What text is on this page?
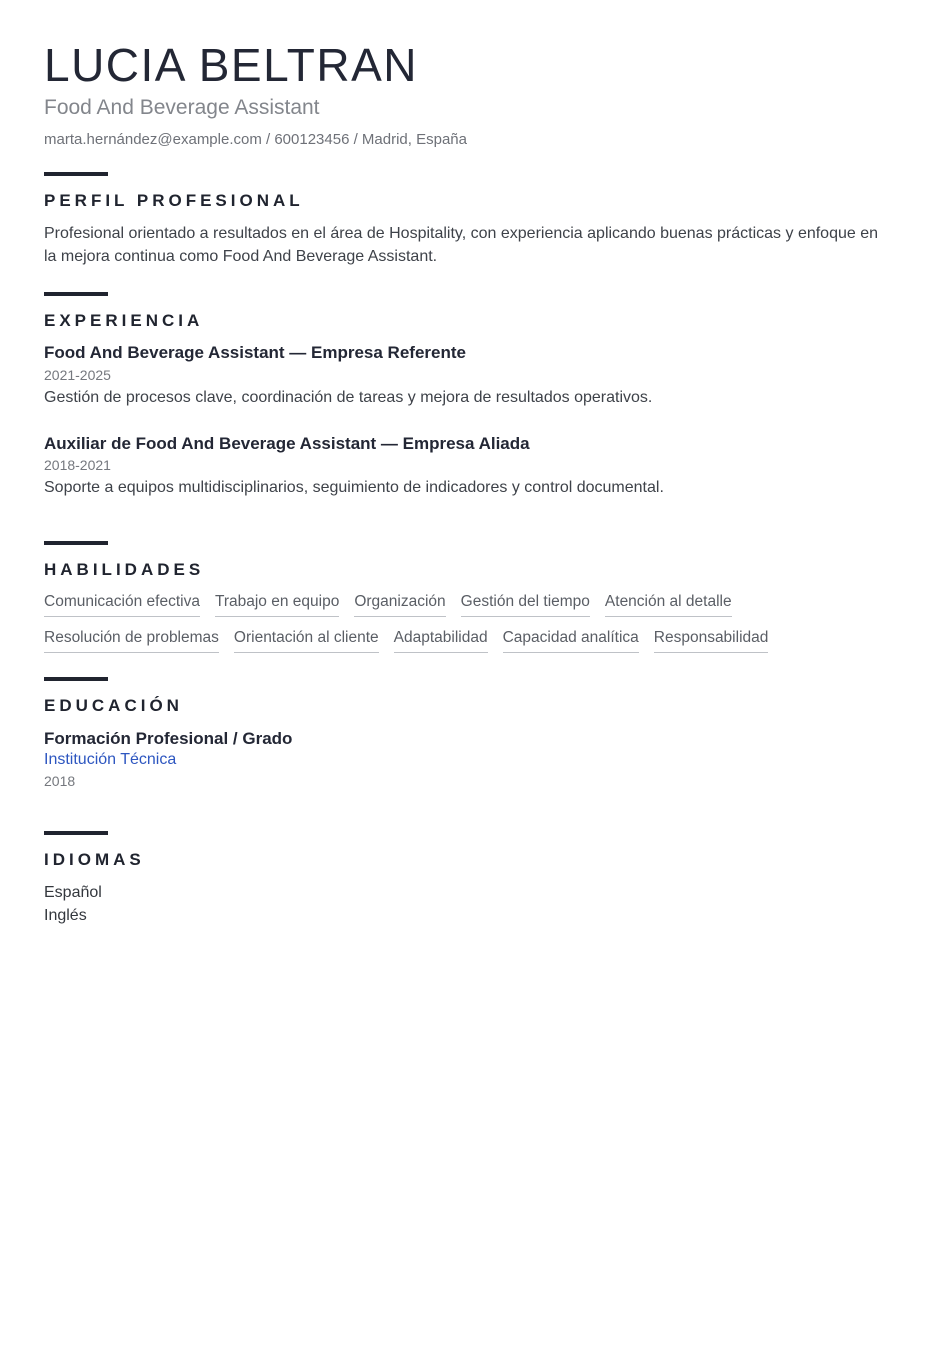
LUCIA BELTRAN
Food And Beverage Assistant
marta.hernández@example.com / 600123456 / Madrid, España
PERFIL PROFESIONAL

Profesional orientado a resultados en el área de Hospitality, con experiencia aplicando buenas prácticas y enfoque en la mejora continua como Food And Beverage Assistant.

EXPERIENCIA
Food And Beverage Assistant — Empresa Referente
2021-2025

Gestión de procesos clave, coordinación de tareas y mejora de resultados operativos.

Auxiliar de Food And Beverage Assistant — Empresa Aliada
2018-2021

Soporte a equipos multidisciplinarios, seguimiento de indicadores y control documental.

HABILIDADES
Comunicación efectiva Trabajo en equipo Organización Gestión del tiempo Atención al detalle
Resolución de problemas Orientación al cliente Adaptabilidad Capacidad analítica Responsabilidad
EDUCACIÓN
Formación Profesional / Grado
Institución Técnica
2018
IDIOMAS
Español
Inglés
